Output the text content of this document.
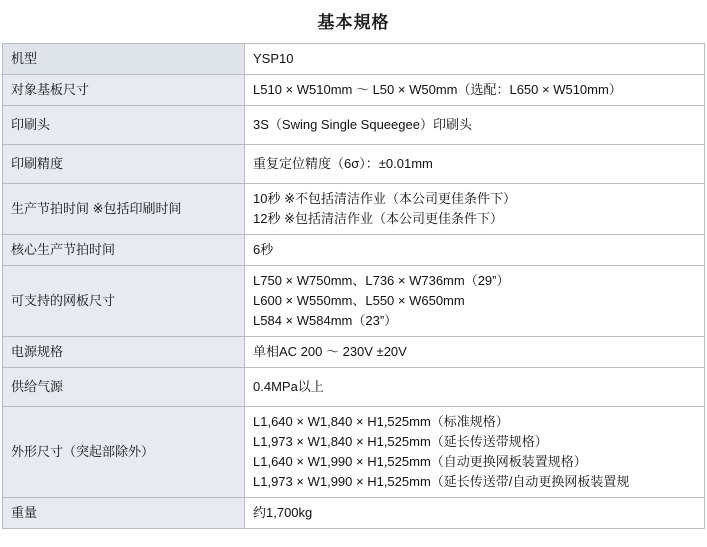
基本規格
机型	YSP10

对象基板尺寸	L510 × W510mm ～ L50 × W50mm（选配：L650 × W510mm）

印刷头	3S（Swing Single Squeegee）印刷头

印刷精度	重复定位精度（6σ）：±0.01mm

生产节拍时间 ※包括印刷时间	10秒 ※不包括清洁作业（本公司更佳条件下）
12秒 ※包括清洁作业（本公司更佳条件下）

核心生产节拍时间	6秒

可支持的网板尺寸	L750 × W750mm、L736 × W736mm（29”）
L600 × W550mm、L550 × W650mm
L584 × W584mm（23”）

电源规格	单相AC 200 ～ 230V ±20V

供给气源	0.4MPa以上

外形尺寸（突起部除外）	L1,640 × W1,840 × H1,525mm（标准规格）
L1,973 × W1,840 × H1,525mm（延长传送带规格）
L1,640 × W1,990 × H1,525mm（自动更换网板装置规格）
L1,973 × W1,990 × H1,525mm（延长传送带/自动更换网板装置规

重量	约1,700kg
